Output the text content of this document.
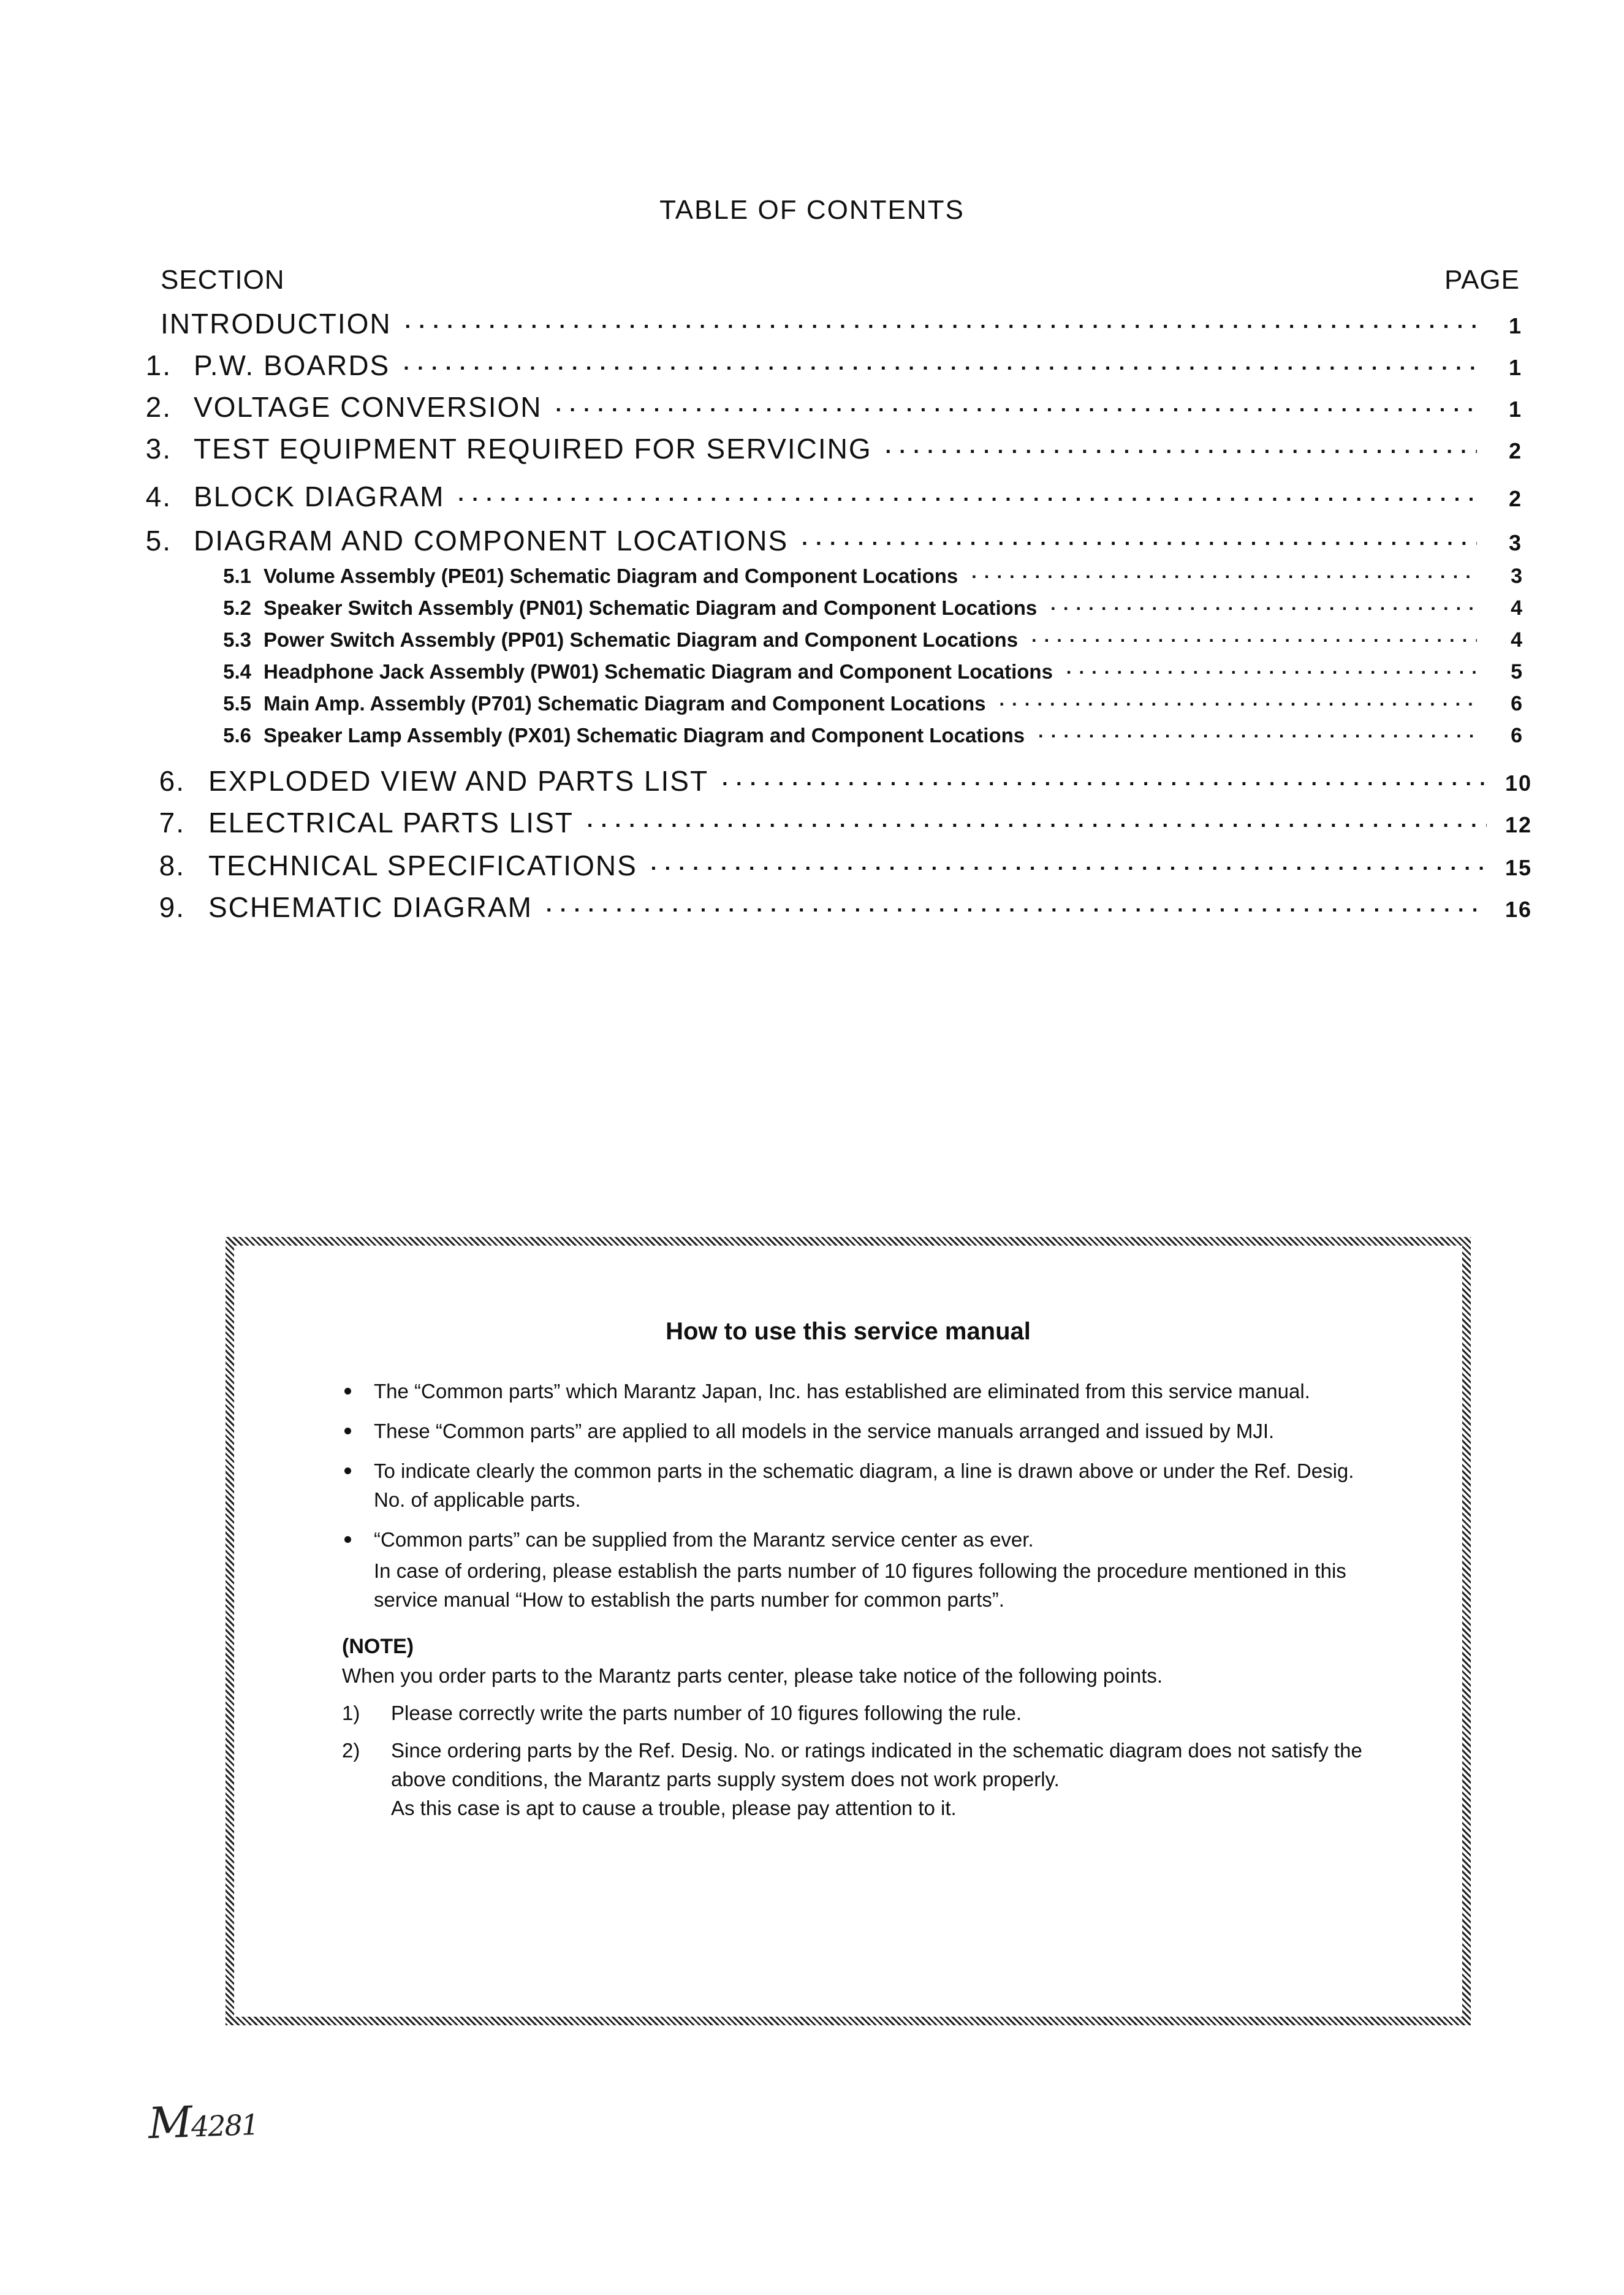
TABLE OF CONTENTS
SECTION	PAGE
INTRODUCTION . . .	1
1. P.W. BOARDS . . .	1
2. VOLTAGE CONVERSION . . .	1
3. TEST EQUIPMENT REQUIRED FOR SERVICING . . .	2
4. BLOCK DIAGRAM . . .	2
5. DIAGRAM AND COMPONENT LOCATIONS . . .	3
5.1 Volume Assembly (PE01) Schematic Diagram and Component Locations . . .	3
5.2 Speaker Switch Assembly (PN01) Schematic Diagram and Component Locations . . .	4
5.3 Power Switch Assembly (PP01) Schematic Diagram and Component Locations . . .	4
5.4 Headphone Jack Assembly (PW01) Schematic Diagram and Component Locations . . .	5
5.5 Main Amp. Assembly (P701) Schematic Diagram and Component Locations . . .	6
5.6 Speaker Lamp Assembly (PX01) Schematic Diagram and Component Locations . . .	6
6. EXPLODED VIEW AND PARTS LIST . . .	10
7. ELECTRICAL PARTS LIST . . .	12
8. TECHNICAL SPECIFICATIONS . . .	15
9. SCHEMATIC DIAGRAM . . .	16
How to use this service manual
The “Common parts” which Marantz Japan, Inc. has established are eliminated from this service manual.
These “Common parts” are applied to all models in the service manuals arranged and issued by MJI.
To indicate clearly the common parts in the schematic diagram, a line is drawn above or under the Ref. Desig. No. of applicable parts.
“Common parts” can be supplied from the Marantz service center as ever.
In case of ordering, please establish the parts number of 10 figures following the procedure mentioned in this service manual “How to establish the parts number for common parts”.
(NOTE)
When you order parts to the Marantz parts center, please take notice of the following points.
1) Please correctly write the parts number of 10 figures following the rule.
2) Since ordering parts by the Ref. Desig. No. or ratings indicated in the schematic diagram does not satisfy the above conditions, the Marantz parts supply system does not work properly.
As this case is apt to cause a trouble, please pay attention to it.
M4281
